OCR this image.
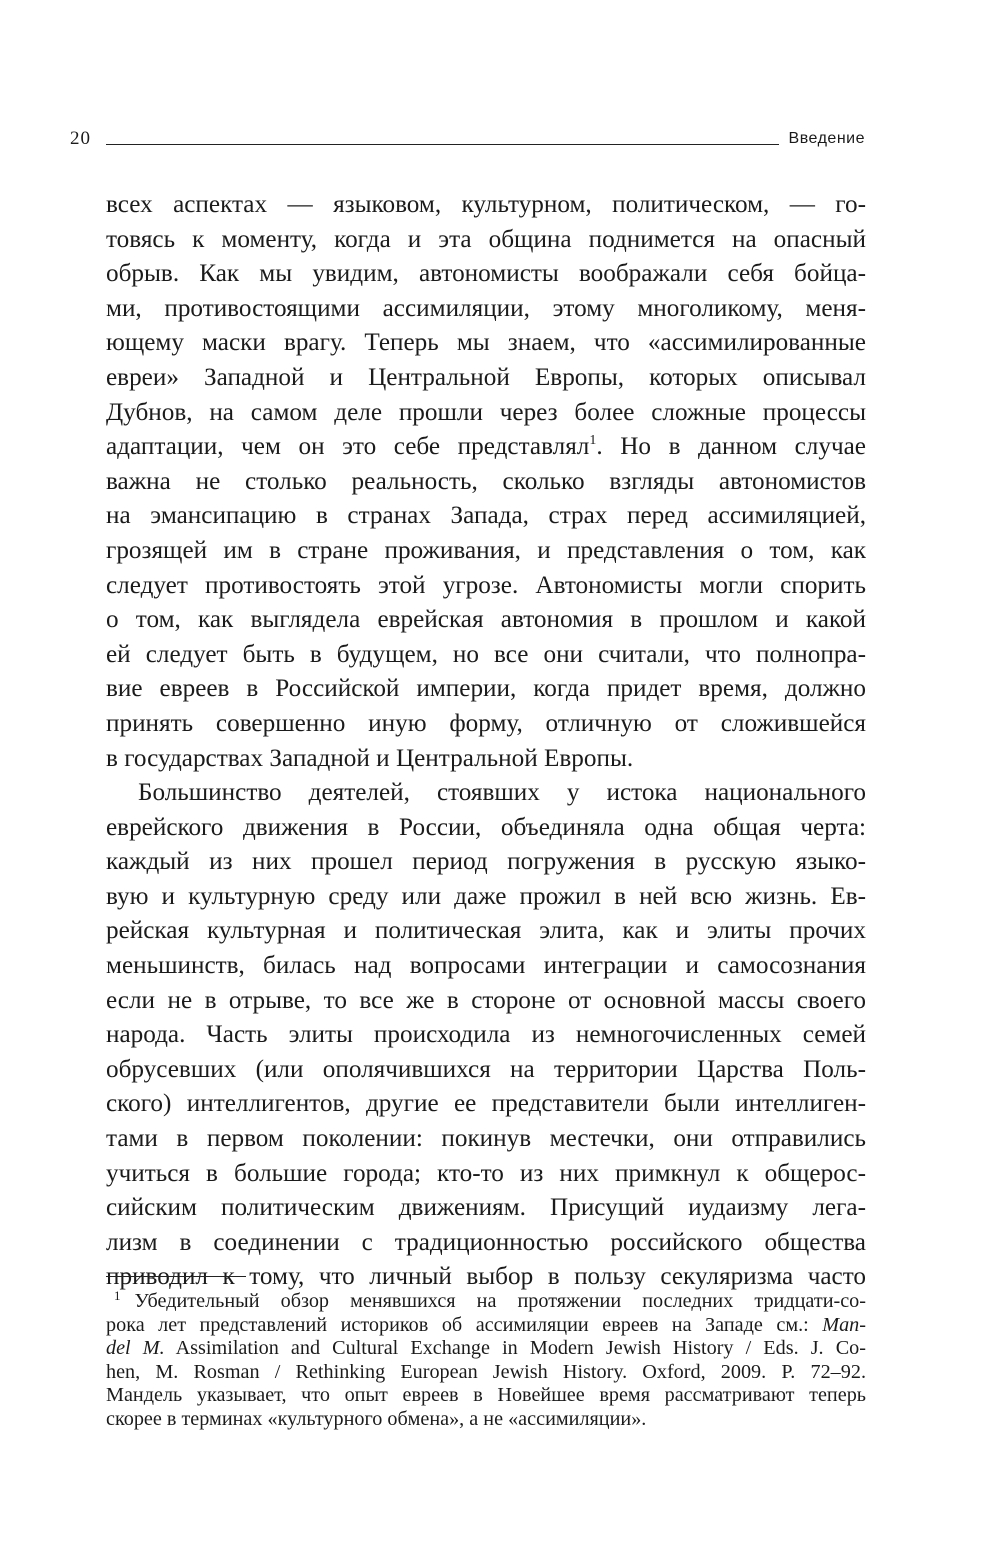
20	Введение
всех аспектах — языковом, культурном, политическом, — го-
товясь к моменту, когда и эта община поднимется на опасный
обрыв. Как мы увидим, автономисты воображали себя бойца-
ми, противостоящими ассимиляции, этому многоликому, меня-
ющему маски врагу. Теперь мы знаем, что «ассимилированные
евреи» Западной и Центральной Европы, которых описывал
Дубнов, на самом деле прошли через более сложные процессы
адаптации, чем он это себе представлял$^1$. Но в данном случае
важна не столько реальность, сколько взгляды автономистов
на эмансипацию в странах Запада, страх перед ассимиляцией,
грозящей им в стране проживания, и представления о том, как
следует противостоять этой угрозе. Автономисты могли спорить
о том, как выглядела еврейская автономия в прошлом и какой
ей следует быть в будущем, но все они считали, что полнопра-
вие евреев в Российской империи, когда придет время, должно
принять совершенно иную форму, отличную от сложившейся
в государствах Западной и Центральной Европы.
Большинство деятелей, стоявших у истока национального
еврейского движения в России, объединяла одна общая черта:
каждый из них прошел период погружения в русскую языко-
вую и культурную среду или даже прожил в ней всю жизнь. Ев-
рейская культурная и политическая элита, как и элиты прочих
меньшинств, билась над вопросами интеграции и самосознания
если не в отрыве, то все же в стороне от основной массы своего
народа. Часть элиты происходила из немногочисленных семей
обрусевших (или ополячившихся на территории Царства Поль-
ского) интеллигентов, другие ее представители были интеллиген-
тами в первом поколении: покинув местечки, они отправились
учиться в большие города; кто-то из них примкнул к общерос-
сийским политическим движениям. Присущий иудаизму лега-
лизм в соединении с традиционностью российского общества
приводил к тому, что личный выбор в пользу секуляризма часто
$^1$ Убедительный обзор менявшихся на протяжении последних тридцати-со-
рока лет представлений историков об ассимиляции евреев на Западе см.: Man-
del M. Assimilation and Cultural Exchange in Modern Jewish History / Eds. J. Co-
hen, M. Rosman / Rethinking European Jewish History. Oxford, 2009. P. 72–92.
Мандель указывает, что опыт евреев в Новейшее время рассматривают теперь
скорее в терминах «культурного обмена», а не «ассимиляции».
